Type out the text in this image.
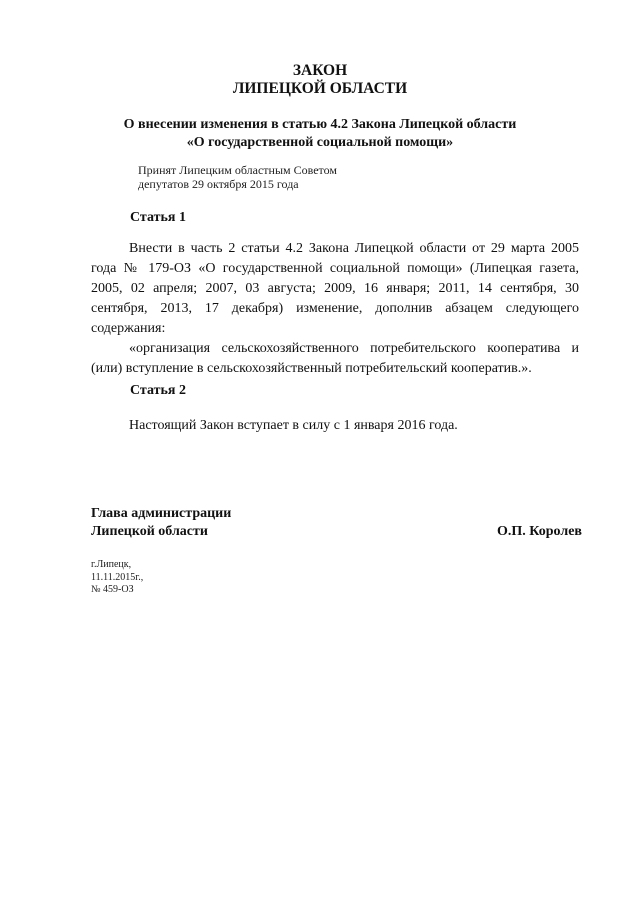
ЗАКОН
ЛИПЕЦКОЙ ОБЛАСТИ
О внесении изменения в статью 4.2 Закона Липецкой области
«О государственной социальной помощи»
Принят Липецким областным Советом
депутатов 29 октября 2015 года
Статья 1

Внести в часть 2 статьи 4.2 Закона Липецкой области от 29 марта 2005 года № 179-ОЗ «О государственной социальной помощи» (Липецкая газета, 2005, 02 апреля; 2007, 03 августа; 2009, 16 января; 2011, 14 сентября, 30 сентября, 2013, 17 декабря) изменение, дополнив абзацем следующего содержания:

«организация сельскохозяйственного потребительского кооператива и (или) вступление в сельскохозяйственный потребительский кооператив.».

Статья 2

Настоящий Закон вступает в силу с 1 января 2016 года.

Глава администрации
Липецкой области	О.П. Королев
г.Липецк,
11.11.2015г.,
№ 459-ОЗ
